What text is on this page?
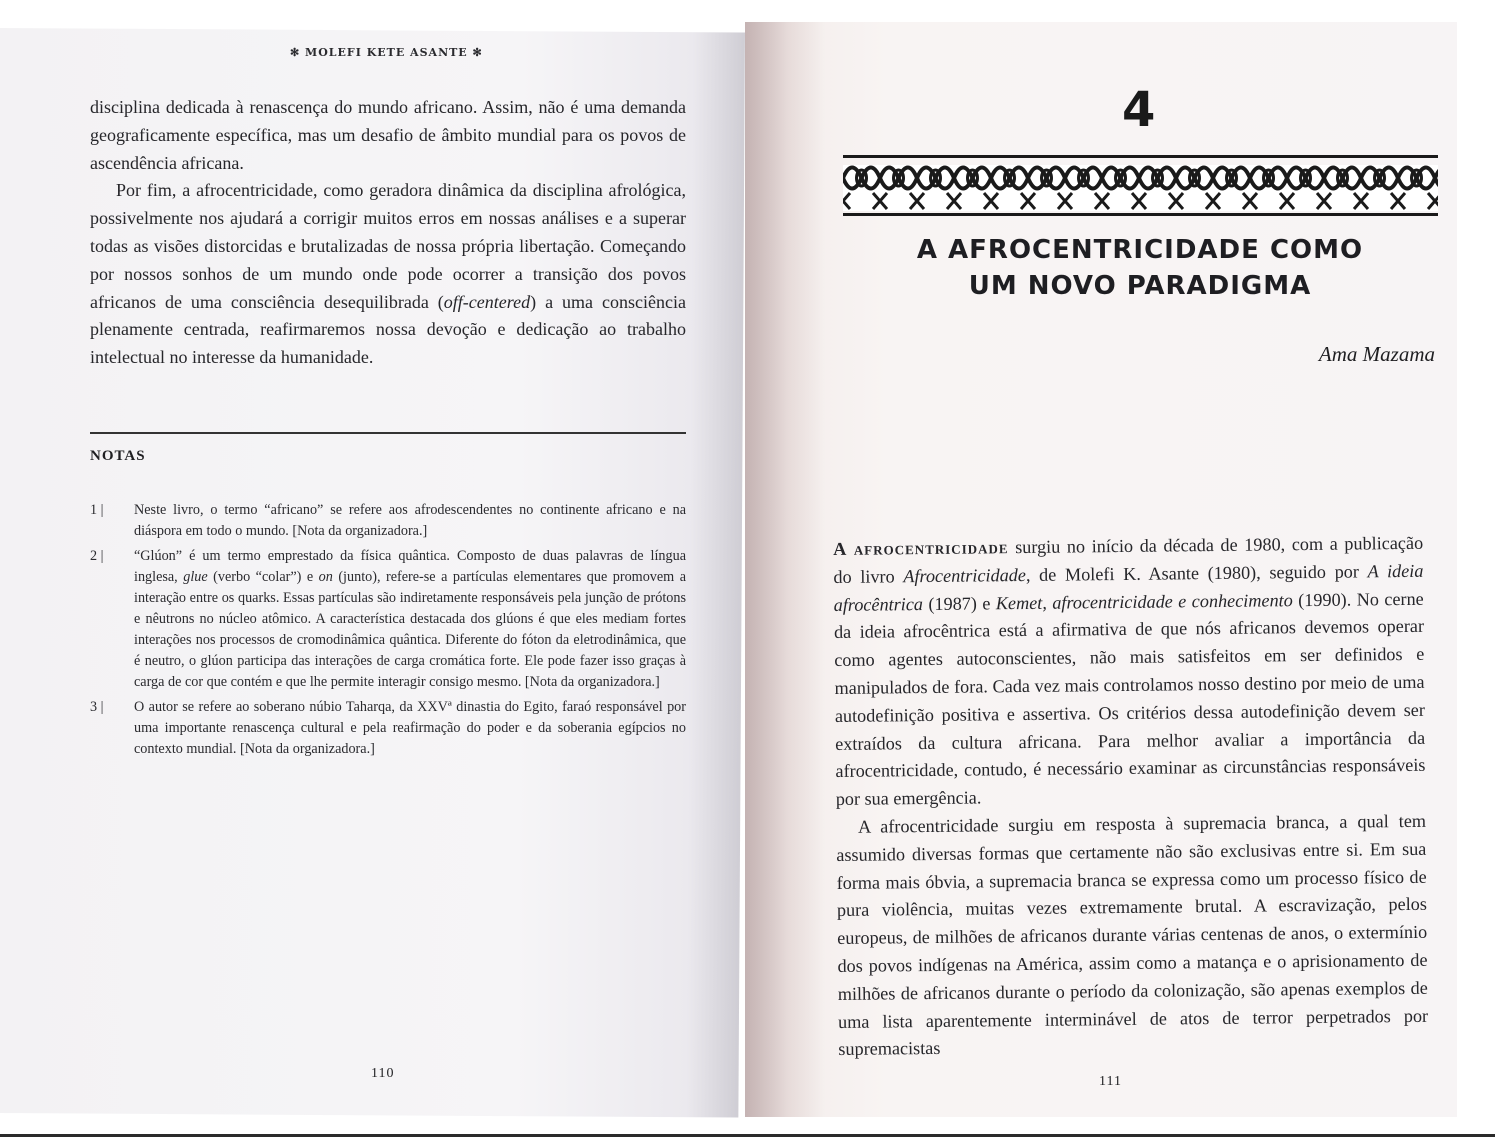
✻ MOLEFI KETE ASANTE ✻

disciplina dedicada à renascença do mundo africano. Assim, não é uma demanda geograficamente específica, mas um desafio de âmbito mundial para os povos de ascendência africana.

Por fim, a afrocentricidade, como geradora dinâmica da disciplina afrológica, possivelmente nos ajudará a corrigir muitos erros em nossas análises e a superar todas as visões distorcidas e brutalizadas de nossa própria libertação. Começando por nossos sonhos de um mundo onde pode ocorrer a transição dos povos africanos de uma consciência desequilibrada (off-centered) a uma consciência plenamente centrada, reafirmaremos nossa devoção e dedicação ao trabalho intelectual no interesse da humanidade.

NOTAS
1 | Neste livro, o termo “africano” se refere aos afrodescendentes no continente africano e na diáspora em todo o mundo. [Nota da organizadora.]
2 | “Glúon” é um termo emprestado da física quântica. Composto de duas palavras de língua inglesa, glue (verbo “colar”) e on (junto), refere-se a partículas elementares que promovem a interação entre os quarks. Essas partículas são indiretamente responsáveis pela junção de prótons e nêutrons no núcleo atômico. A característica destacada dos glúons é que eles mediam fortes interações nos processos de cromodinâmica quântica. Diferente do fóton da eletrodinâmica, que é neutro, o glúon participa das interações de carga cromática forte. Ele pode fazer isso graças à carga de cor que contém e que lhe permite interagir consigo mesmo. [Nota da organizadora.]
3 | O autor se refere ao soberano núbio Taharqa, da XXVª dinastia do Egito, faraó responsável por uma importante renascença cultural e pela reafirmação do poder e da soberania egípcios no contexto mundial. [Nota da organizadora.]
110
4
A AFROCENTRICIDADE COMO
UM NOVO PARADIGMA
Ama Mazama

A afrocentricidade surgiu no início da década de 1980, com a publicação do livro Afrocentricidade, de Molefi K. Asante (1980), seguido por A ideia afrocêntrica (1987) e Kemet, afrocentricidade e conhecimento (1990). No cerne da ideia afrocêntrica está a afirmativa de que nós africanos devemos operar como agentes autoconscientes, não mais satisfeitos em ser definidos e manipulados de fora. Cada vez mais controlamos nosso destino por meio de uma autodefinição positiva e assertiva. Os critérios dessa autodefinição devem ser extraídos da cultura africana. Para melhor avaliar a importância da afrocentricidade, contudo, é necessário examinar as circunstâncias responsáveis por sua emergência.

A afrocentricidade surgiu em resposta à supremacia branca, a qual tem assumido diversas formas que certamente não são exclusivas entre si. Em sua forma mais óbvia, a supremacia branca se expressa como um processo físico de pura violência, muitas vezes extremamente brutal. A escravização, pelos europeus, de milhões de africanos durante várias centenas de anos, o extermínio dos povos indígenas na América, assim como a matança e o aprisionamento de milhões de africanos durante o período da colonização, são apenas exemplos de uma lista aparentemente interminável de atos de terror perpetrados por supremacistas

111
